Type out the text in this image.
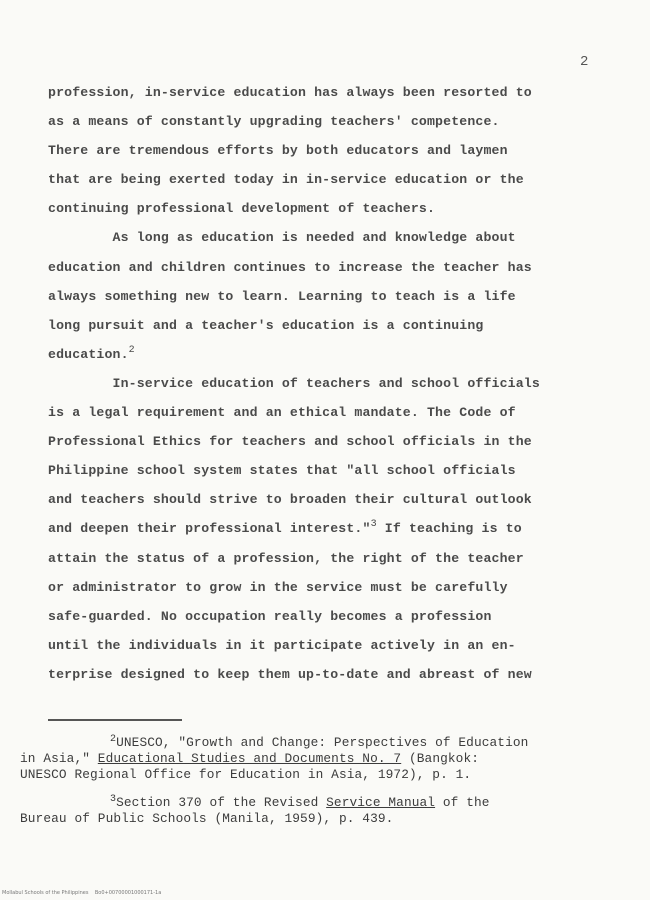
2
profession, in-service education has always been resorted to
as a means of constantly upgrading teachers' competence.
There are tremendous efforts by both educators and laymen
that are being exerted today in in-service education or the
continuing professional development of teachers.
As long as education is needed and knowledge about
education and children continues to increase the teacher has
always something new to learn. Learning to teach is a life
long pursuit and a teacher's education is a continuing
education.$^2$
In-service education of teachers and school officials
is a legal requirement and an ethical mandate. The Code of
Professional Ethics for teachers and school officials in the
Philippine school system states that "all school officials
and teachers should strive to broaden their cultural outlook
and deepen their professional interest."$^3$ If teaching is to
attain the status of a profession, the right of the teacher
or administrator to grow in the service must be carefully
safe-guarded. No occupation really becomes a profession
until the individuals in it participate actively in an en-
terprise designed to keep them up-to-date and abreast of new
$^2$UNESCO, "Growth and Change: Perspectives of Education
in Asia," Educational Studies and Documents No. 7 (Bangkok:
UNESCO Regional Office for Education in Asia, 1972), p. 1.
$^3$Section 370 of the Revised Service Manual of the
Bureau of Public Schools (Manila, 1959), p. 439.
Mollabul Schools of the Philippines    Bo0+00700001000171-1a
